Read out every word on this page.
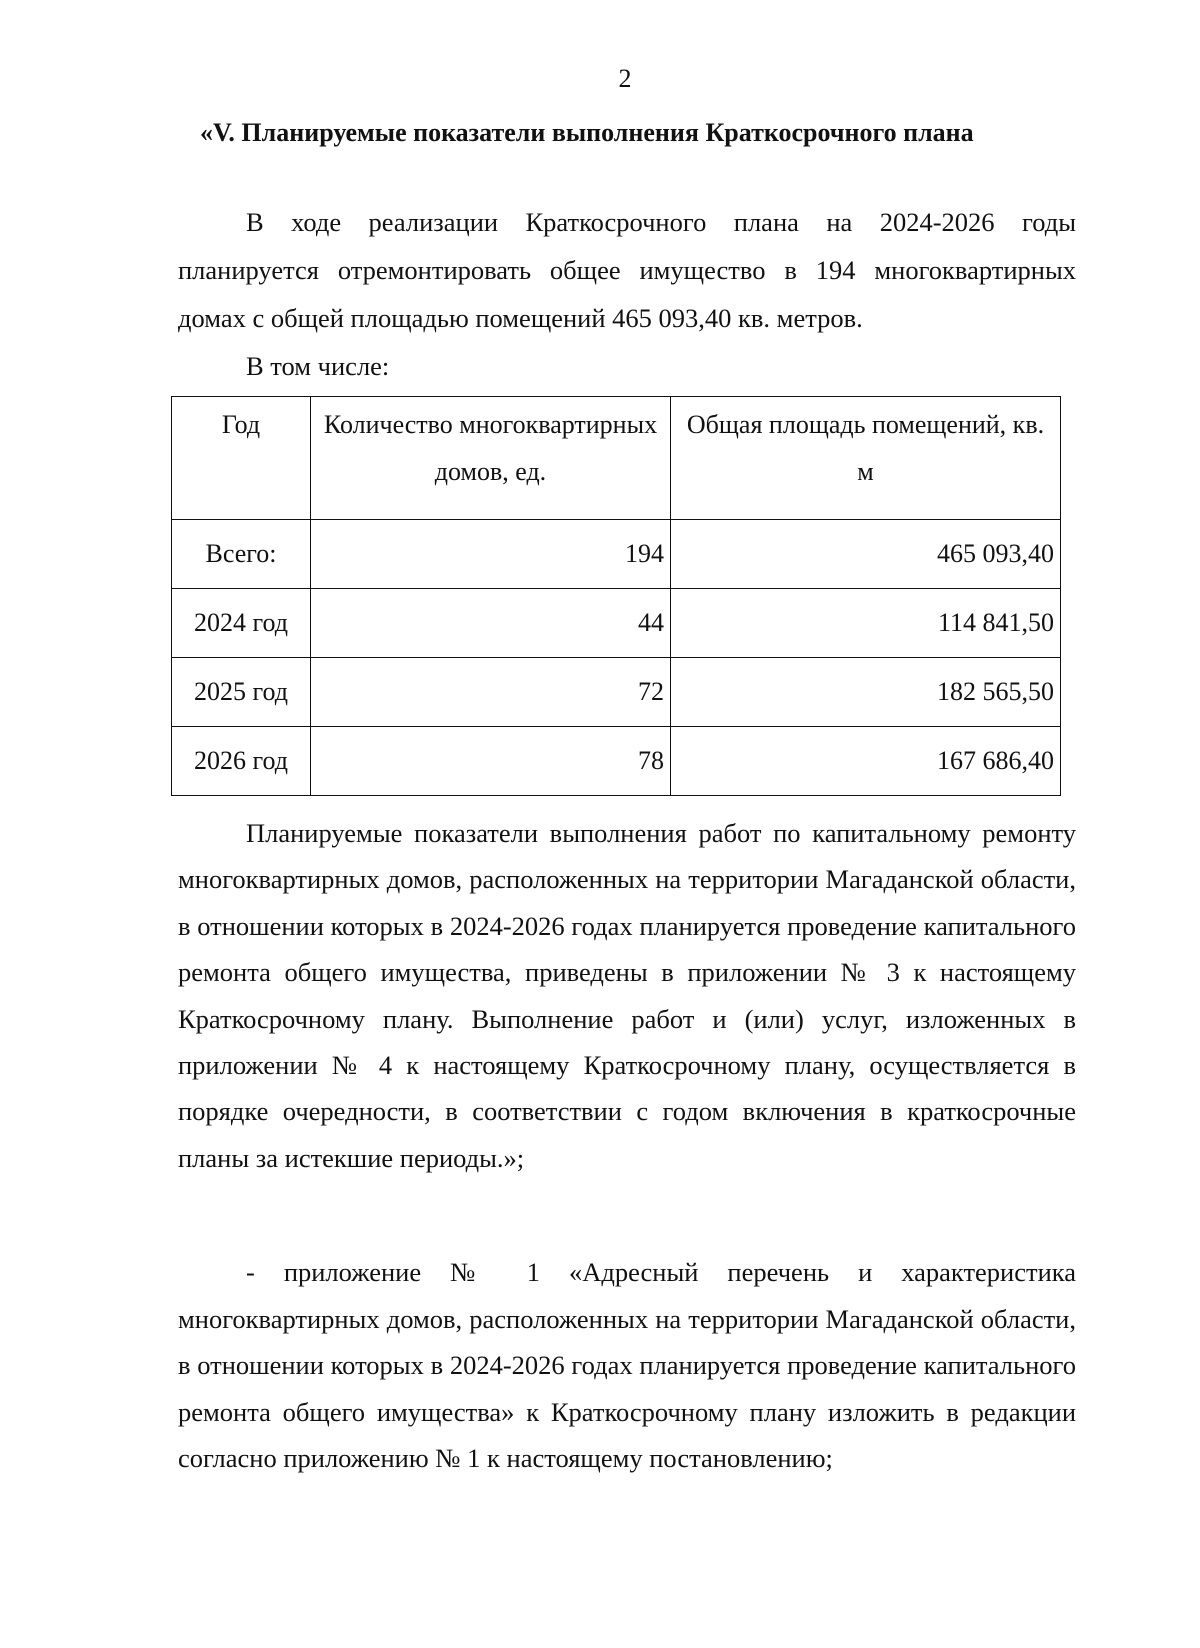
2
«V. Планируемые показатели выполнения Краткосрочного плана

В ходе реализации Краткосрочного плана на 2024-2026 годы планируется отремонтировать общее имущество в 194 многоквартирных домах с общей площадью помещений 465 093,40 кв. метров.

В том числе:

Год	Количество многоквартирных домов, ед.	Общая площадь помещений, кв. м
Всего:	194	465 093,40
2024 год	44	114 841,50
2025 год	72	182 565,50
2026 год	78	167 686,40

Планируемые показатели выполнения работ по капитальному ремонту многоквартирных домов, расположенных на территории Магаданской области, в отношении которых в 2024-2026 годах планируется проведение капитального ремонта общего имущества, приведены в приложении № 3 к настоящему Краткосрочному плану. Выполнение работ и (или) услуг, изложенных в приложении № 4 к настоящему Краткосрочному плану, осуществляется в порядке очередности, в соответствии с годом включения в краткосрочные планы за истекшие периоды.»;

- приложение № 1 «Адресный перечень и характеристика многоквартирных домов, расположенных на территории Магаданской области, в отношении которых в 2024-2026 годах планируется проведение капитального ремонта общего имущества» к Краткосрочному плану изложить в редакции согласно приложению № 1 к настоящему постановлению;
